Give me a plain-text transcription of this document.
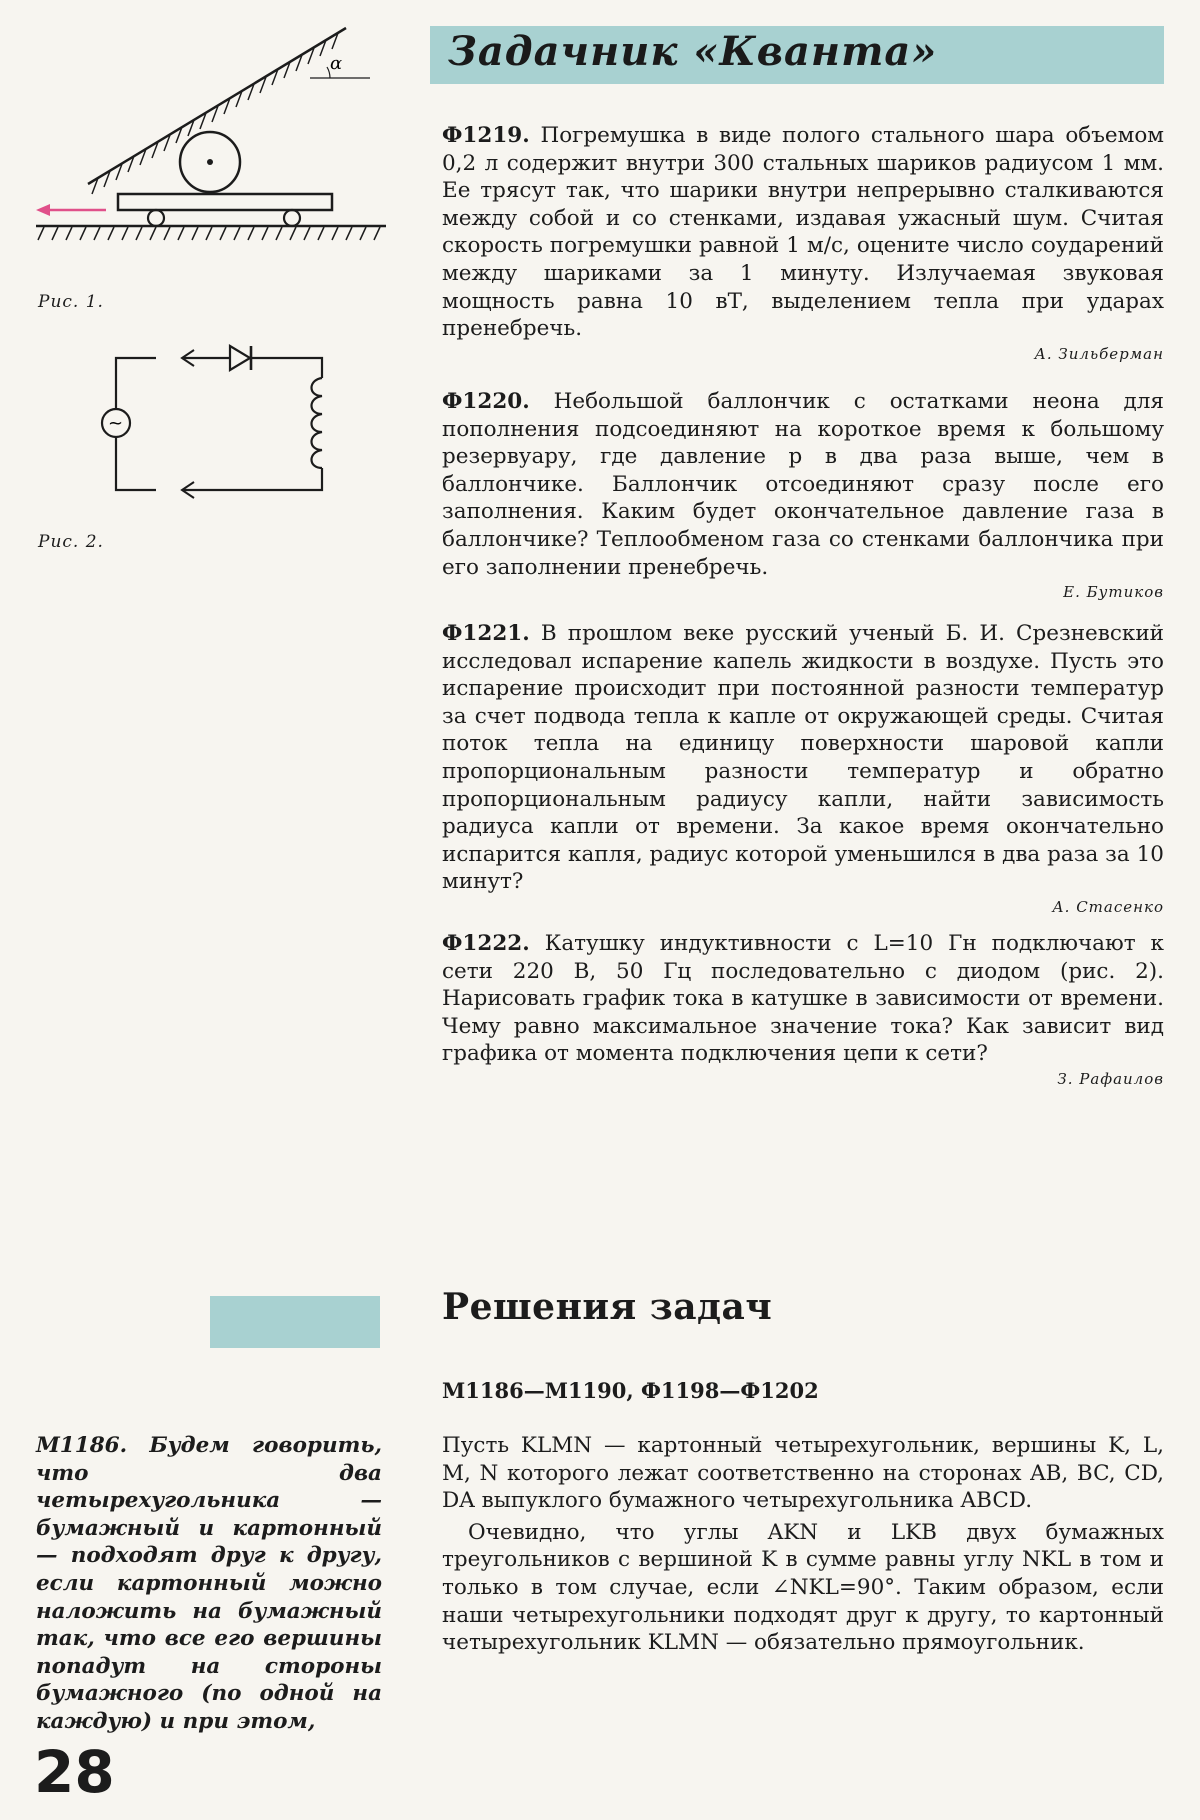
Задачник «Кванта»
α
Рис. 1.
~
Рис. 2.

Ф1219. Погремушка в виде полого стального шара объемом 0,2 л содержит внутри 300 стальных шариков радиусом 1 мм. Ее трясут так, что шарики внутри непрерывно сталкиваются между собой и со стенками, издавая ужасный шум. Считая скорость погремушки равной 1 м/с, оцените число соударений между шариками за 1 минуту. Излучаемая звуковая мощность равна 10 вТ, выделением тепла при ударах пренебречь.

А. Зильберман

Ф1220. Небольшой баллончик с остатками неона для пополнения подсоединяют на короткое время к большому резервуару, где давление p в два раза выше, чем в баллончике. Баллончик отсоединяют сразу после его заполнения. Каким будет окончательное давление газа в баллончике? Теплообменом газа со стенками баллончика при его заполнении пренебречь.

Е. Бутиков

Ф1221. В прошлом веке русский ученый Б. И. Срезневский исследовал испарение капель жидкости в воздухе. Пусть это испарение происходит при постоянной разности температур за счет подвода тепла к капле от окружающей среды. Считая поток тепла на единицу поверхности шаровой капли пропорциональным разности температур и обратно пропорциональным радиусу капли, найти зависимость радиуса капли от времени. За какое время окончательно испарится капля, радиус которой уменьшился в два раза за 10 минут?

А. Стасенко

Ф1222. Катушку индуктивности с L=10 Гн подключают к сети 220 В, 50 Гц последовательно с диодом (рис. 2). Нарисовать график тока в катушке в зависимости от времени. Чему равно максимальное значение тока? Как зависит вид графика от момента подключения цепи к сети?

З. Рафаилов
Решения задач
М1186—М1190, Ф1198—Ф1202
М1186. Будем говорить, что два четырехугольника — бумажный и картонный — подходят друг к другу, если картонный можно наложить на бумажный так, что все его вершины попадут на стороны бумажного (по одной на каждую) и при этом,

Пусть KLMN — картонный четырехугольник, вершины K, L, M, N которого лежат соответственно на сторонах AB, BC, CD, DA выпуклого бумажного четырехугольника ABCD.

Очевидно, что углы AKN и LKB двух бумажных треугольников с вершиной K в сумме равны углу NKL в том и только в том случае, если ∠NKL=90°. Таким образом, если наши четырехугольники подходят друг к другу, то картонный четырехугольник KLMN — обязательно прямоугольник.

28
